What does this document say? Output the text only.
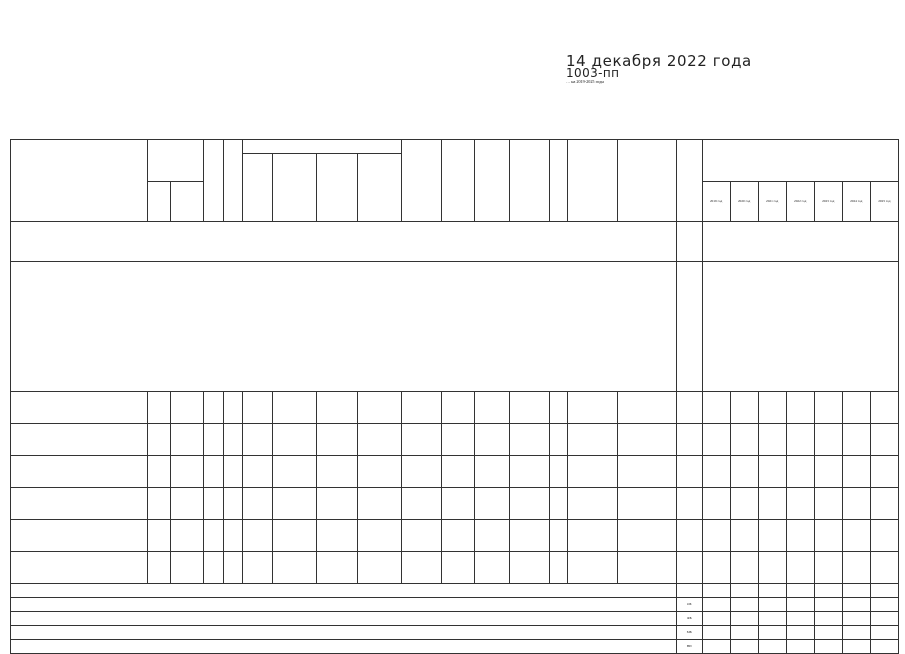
14 декабря 2022 года
1003-пп
… на 2019-2025 годы

																	2019 год	2020 год	2021 год	2022 год	2023 год	2024 год	2025 год

																ОБ							
																ФБ							
																МБ							
																ВИ							
